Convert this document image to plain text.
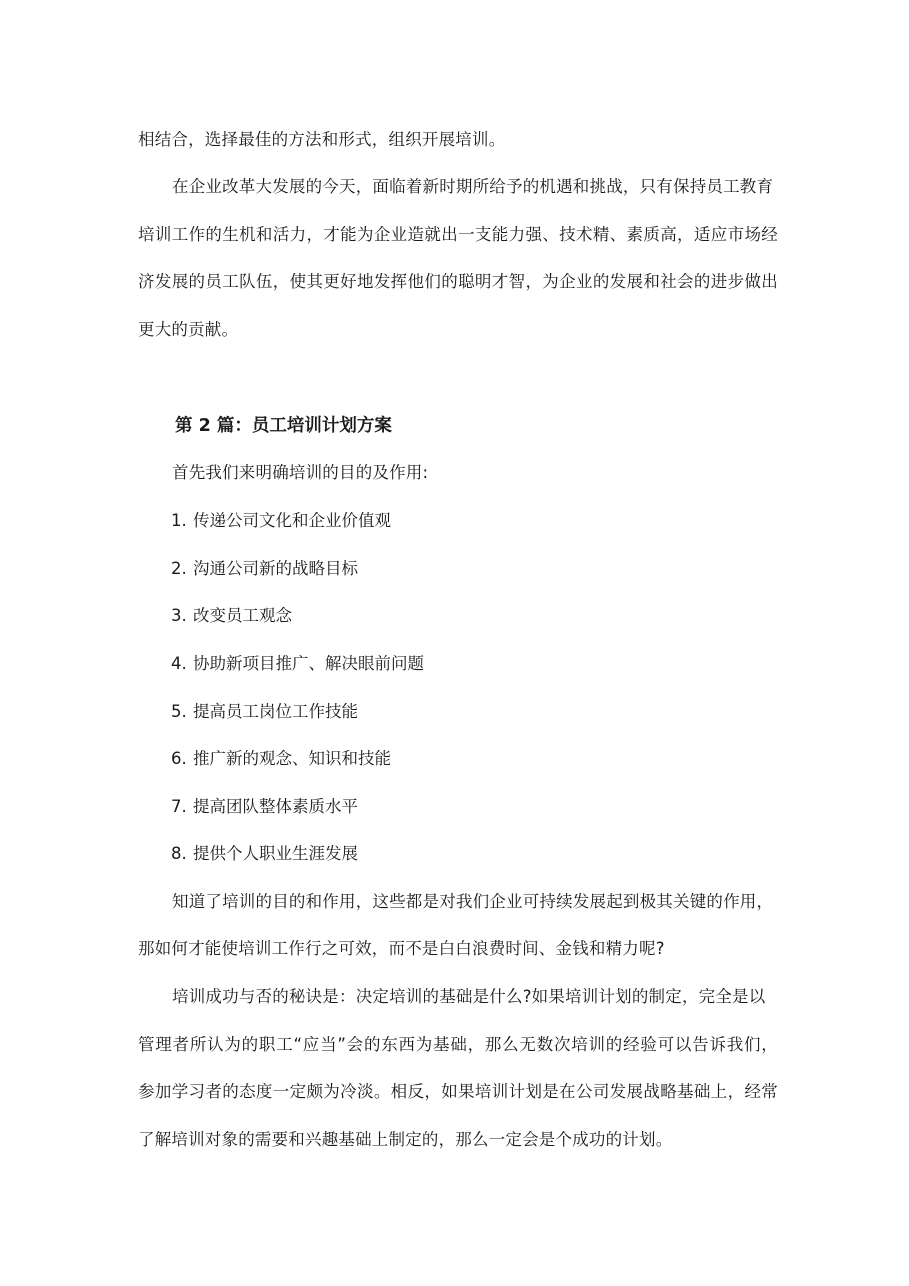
相结合，选择最佳的方法和形式，组织开展培训。
在企业改革大发展的今天，面临着新时期所给予的机遇和挑战，只有保持员工教育
培训工作的生机和活力，才能为企业造就出一支能力强、技术精、素质高，适应市场经
济发展的员工队伍，使其更好地发挥他们的聪明才智，为企业的发展和社会的进步做出
更大的贡献。
第 2 篇：员工培训计划方案
首先我们来明确培训的目的及作用:
1. 传递公司文化和企业价值观
2. 沟通公司新的战略目标
3. 改变员工观念
4. 协助新项目推广、解决眼前问题
5. 提高员工岗位工作技能
6. 推广新的观念、知识和技能
7. 提高团队整体素质水平
8. 提供个人职业生涯发展
知道了培训的目的和作用，这些都是对我们企业可持续发展起到极其关键的作用，
那如何才能使培训工作行之可效，而不是白白浪费时间、金钱和精力呢?
培训成功与否的秘诀是：决定培训的基础是什么?如果培训计划的制定，完全是以
管理者所认为的职工“应当”会的东西为基础，那么无数次培训的经验可以告诉我们，
参加学习者的态度一定颇为冷淡。相反，如果培训计划是在公司发展战略基础上，经常
了解培训对象的需要和兴趣基础上制定的，那么一定会是个成功的计划。
